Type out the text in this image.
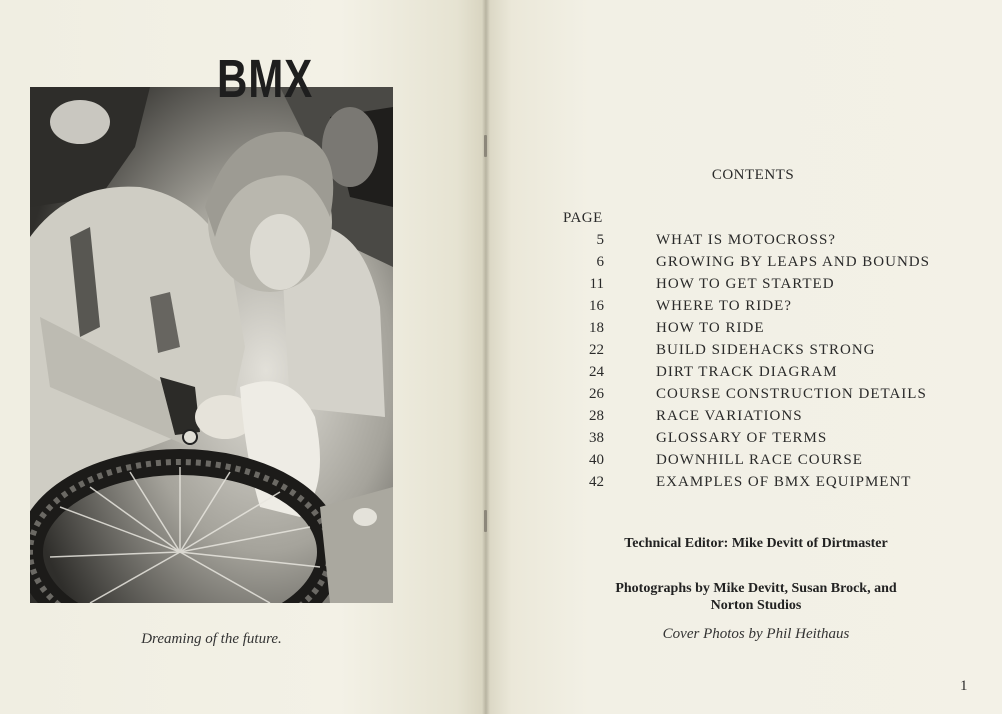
Dreaming of the future.
BMX
CONTENTS
PAGE
5	WHAT IS MOTOCROSS?
6	GROWING BY LEAPS AND BOUNDS
11	HOW TO GET STARTED
16	WHERE TO RIDE?
18	HOW TO RIDE
22	BUILD SIDEHACKS STRONG
24	DIRT TRACK DIAGRAM
26	COURSE CONSTRUCTION DETAILS
28	RACE VARIATIONS
38	GLOSSARY OF TERMS
40	DOWNHILL RACE COURSE
42	EXAMPLES OF BMX EQUIPMENT
Technical Editor: Mike Devitt of Dirtmaster
Photographs by Mike Devitt, Susan Brock, and
Norton Studios
Cover Photos by Phil Heithaus
1
